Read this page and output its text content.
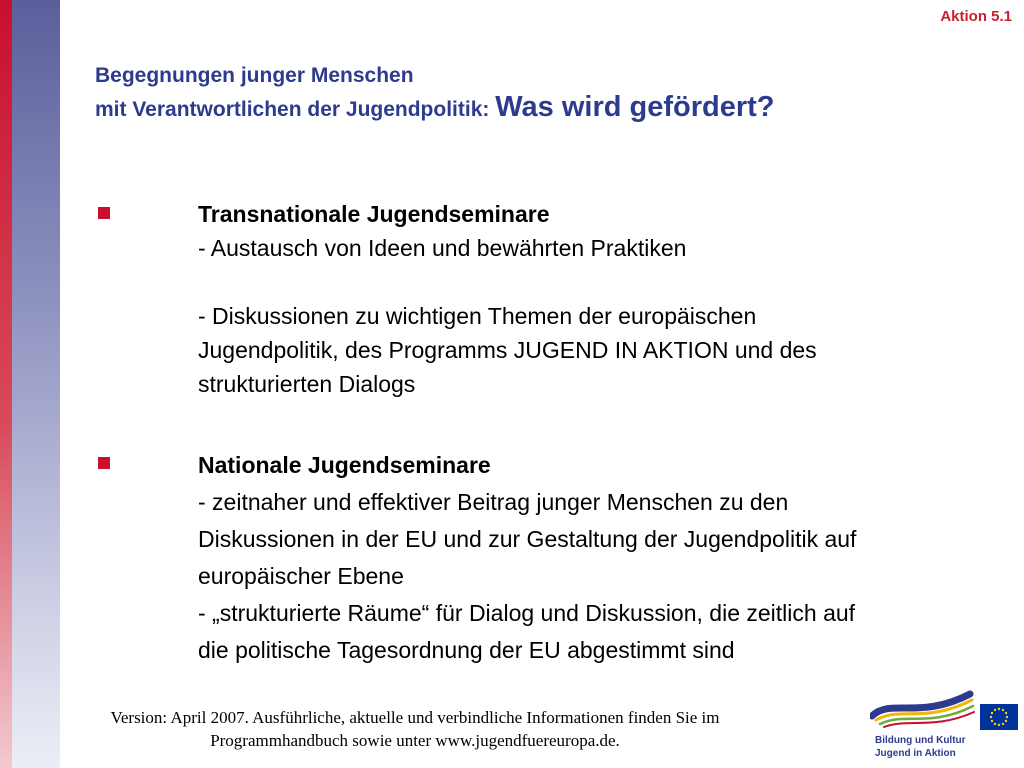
Aktion 5.1
Begegnungen junger Menschen
mit Verantwortlichen der Jugendpolitik: Was wird gefördert?
Transnationale Jugendseminare
- Austausch von Ideen und bewährten Praktiken
- Diskussionen zu wichtigen Themen der europäischen
Jugendpolitik, des Programms JUGEND IN AKTION und des
strukturierten Dialogs
Nationale Jugendseminare
- zeitnaher und effektiver Beitrag junger Menschen zu den
Diskussionen in der EU und zur Gestaltung der Jugendpolitik auf
europäischer Ebene
- „strukturierte Räume“ für Dialog und Diskussion, die zeitlich auf
die politische Tagesordnung der EU abgestimmt sind
Version: April 2007. Ausführliche, aktuelle und verbindliche Informationen finden Sie im
Programmhandbuch sowie unter www.jugendfuereuropa.de.	Bildung und Kultur
Jugend in Aktion
